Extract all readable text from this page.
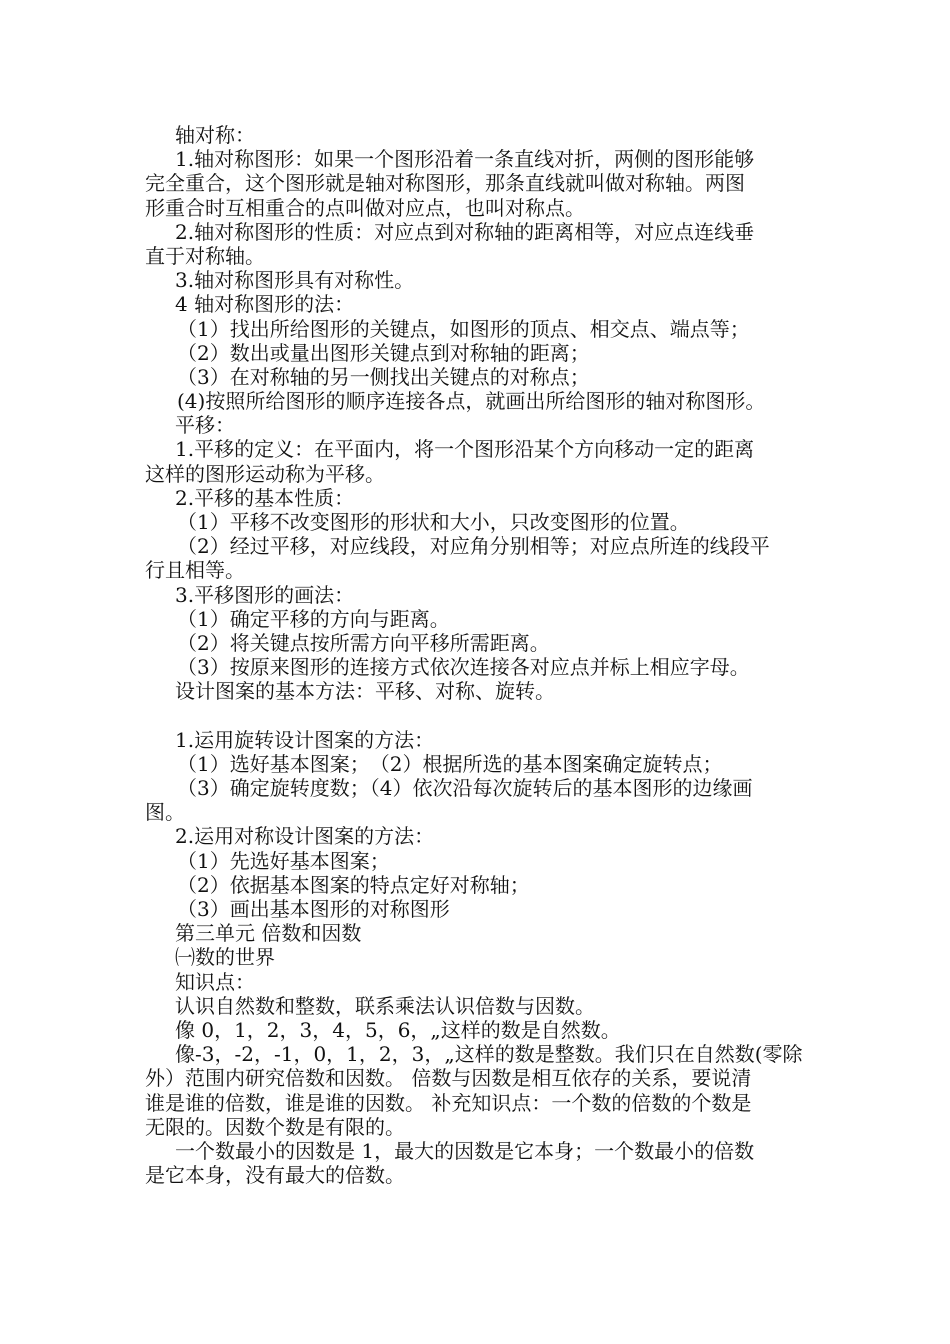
轴对称：
1.轴对称图形：如果一个图形沿着一条直线对折，两侧的图形能够
完全重合，这个图形就是轴对称图形，那条直线就叫做对称轴。两图
形重合时互相重合的点叫做对应点，也叫对称点。
2.轴对称图形的性质：对应点到对称轴的距离相等，对应点连线垂
直于对称轴。
3.轴对称图形具有对称性。
4 轴对称图形的法：
（1）找出所给图形的关键点，如图形的顶点、相交点、端点等；
（2）数出或量出图形关键点到对称轴的距离；
（3）在对称轴的另一侧找出关键点的对称点；
(4)按照所给图形的顺序连接各点，就画出所给图形的轴对称图形。
平移：
1.平移的定义：在平面内，将一个图形沿某个方向移动一定的距离
这样的图形运动称为平移。
2.平移的基本性质：
（1）平移不改变图形的形状和大小，只改变图形的位置。
（2）经过平移，对应线段，对应角分别相等；对应点所连的线段平
行且相等。
3.平移图形的画法：
（1）确定平移的方向与距离。
（2）将关键点按所需方向平移所需距离。
（3）按原来图形的连接方式依次连接各对应点并标上相应字母。
设计图案的基本方法：平移、对称、旋转。
1.运用旋转设计图案的方法：
（1）选好基本图案；　（2）根据所选的基本图案确定旋转点；
（3）确定旋转度数；（4）依次沿每次旋转后的基本图形的边缘画
图。
2.运用对称设计图案的方法：
（1）先选好基本图案；
（2）依据基本图案的特点定好对称轴；
（3）画出基本图形的对称图形
第三单元 倍数和因数
㈠数的世界
知识点：
认识自然数和整数，联系乘法认识倍数与因数。
像 0，1，2，3，4，5，6，„这样的数是自然数。
像-3，-2，-1，0，1，2，3，„这样的数是整数。我们只在自然数(零除
外）范围内研究倍数和因数。 倍数与因数是相互依存的关系，要说清
谁是谁的倍数，谁是谁的因数。 补充知识点：一个数的倍数的个数是
无限的。因数个数是有限的。
一个数最小的因数是 1，最大的因数是它本身；一个数最小的倍数
是它本身，没有最大的倍数。
